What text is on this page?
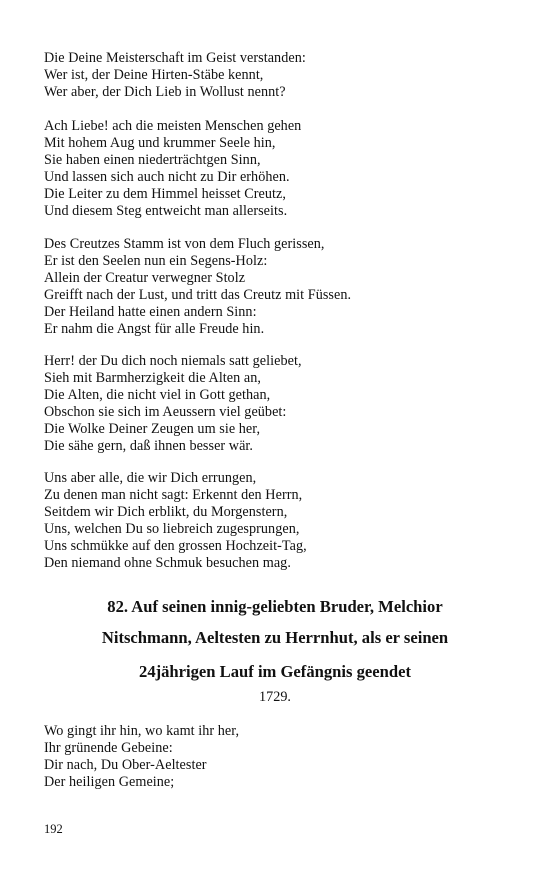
Die Deine Meisterschaft im Geist verstanden:
Wer ist, der Deine Hirten-Stäbe kennt,
Wer aber, der Dich Lieb in Wollust nennt?
Ach Liebe! ach die meisten Menschen gehen
Mit hohem Aug und krummer Seele hin,
Sie haben einen niederträchtgen Sinn,
Und lassen sich auch nicht zu Dir erhöhen.
Die Leiter zu dem Himmel heisset Creutz,
Und diesem Steg entweicht man allerseits.
Des Creutzes Stamm ist von dem Fluch gerissen,
Er ist den Seelen nun ein Segens-Holz:
Allein der Creatur verwegner Stolz
Greifft nach der Lust, und tritt das Creutz mit Füssen.
Der Heiland hatte einen andern Sinn:
Er nahm die Angst für alle Freude hin.
Herr! der Du dich noch niemals satt geliebet,
Sieh mit Barmherzigkeit die Alten an,
Die Alten, die nicht viel in Gott gethan,
Obschon sie sich im Aeussern viel geübet:
Die Wolke Deiner Zeugen um sie her,
Die sähe gern, daß ihnen besser wär.
Uns aber alle, die wir Dich errungen,
Zu denen man nicht sagt: Erkennt den Herrn,
Seitdem wir Dich erblikt, du Morgenstern,
Uns, welchen Du so liebreich zugesprungen,
Uns schmükke auf den grossen Hochzeit-Tag,
Den niemand ohne Schmuk besuchen mag.
82. Auf seinen innig-geliebten Bruder, Melchior
Nitschmann, Aeltesten zu Herrnhut, als er seinen
24jährigen Lauf im Gefängnis geendet
1729.
Wo gingt ihr hin, wo kamt ihr her,
Ihr grünende Gebeine:
Dir nach, Du Ober-Aeltester
Der heiligen Gemeine;
192
